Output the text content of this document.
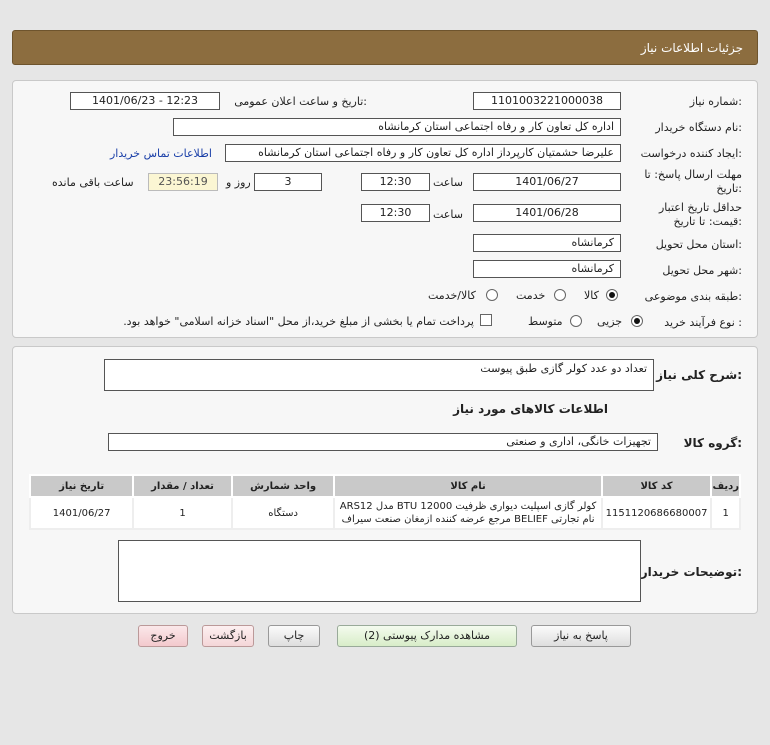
جزئیات اطلاعات نیاز
شماره نیاز:
1101003221000038
تاریخ و ساعت اعلان عمومی:
1401/06/23 - 12:23
نام دستگاه خریدار:
اداره کل تعاون کار و رفاه اجتماعی استان کرمانشاه
ایجاد کننده درخواست:
علیرضا حشمتیان کارپرداز اداره کل تعاون کار و رفاه اجتماعی استان کرمانشاه
اطلاعات تماس خریدار
مهلت ارسال پاسخ: تا
تاریخ:
1401/06/27
ساعت
12:30
3
روز و
23:56:19
ساعت باقی مانده
حداقل تاریخ اعتبار
قیمت: تا تاریخ:
1401/06/28
ساعت
12:30
استان محل تحویل:
کرمانشاه
شهر محل تحویل:
کرمانشاه
طبقه بندی موضوعی:
کالا
خدمت
کالا/خدمت
نوع فرآیند خرید :
جزیی
متوسط
پرداخت تمام یا بخشی از مبلغ خرید،از محل "اسناد خزانه اسلامی" خواهد بود.
شرح کلی نیاز:
تعداد دو عدد کولر گازی طبق پیوست
اطلاعات کالاهای مورد نیاز
گروه کالا:
تجهیزات خانگی، اداری و صنعتی
ردیف	کد کالا	نام کالا	واحد شمارش	تعداد / مقدار	تاریخ نیاز
1	1151120686680007	کولر گازی اسپلیت دیواری ظرفیت 12000 BTU مدل ARS12 نام تجارتی BELIEF مرجع عرضه کننده ازمغان صنعت سیراف	دستگاه	1	1401/06/27
توضیحات خریدار:
پاسخ به نیاز
مشاهده مدارک پیوستی (2)
چاپ
بازگشت
خروج
